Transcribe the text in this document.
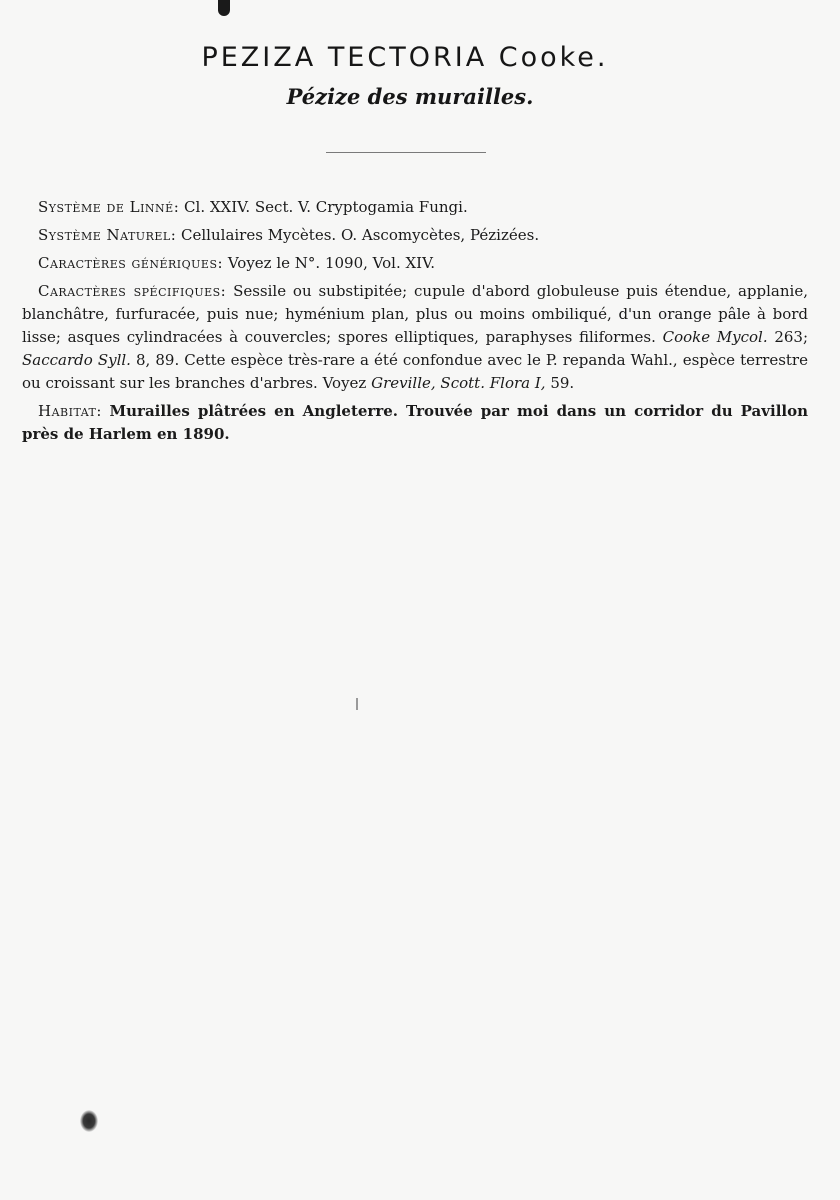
PEZIZA TECTORIA Cooke.
Pézize des murailles.

Système de Linné: Cl. XXIV. Sect. V. Cryptogamia Fungi.

Système Naturel: Cellulaires Mycètes. O. Ascomycètes, Pézizées.

Caractères génériques: Voyez le N°. 1090, Vol. XIV.

Caractères spécifiques: Sessile ou substipitée; cupule d'abord globuleuse puis étendue, applanie, blanchâtre, furfuracée, puis nue; hyménium plan, plus ou moins ombiliqué, d'un orange pâle à bord lisse; asques cylindracées à couvercles; spores elliptiques, paraphyses filiformes. Cooke Mycol. 263; Saccardo Syll. 8, 89. Cette espèce très-rare a été confondue avec le P. repanda Wahl., espèce terrestre ou croissant sur les branches d'arbres. Voyez Greville, Scott. Flora I, 59.

Habitat: Murailles plâtrées en Angleterre. Trouvée par moi dans un corridor du Pavillon près de Harlem en 1890.
